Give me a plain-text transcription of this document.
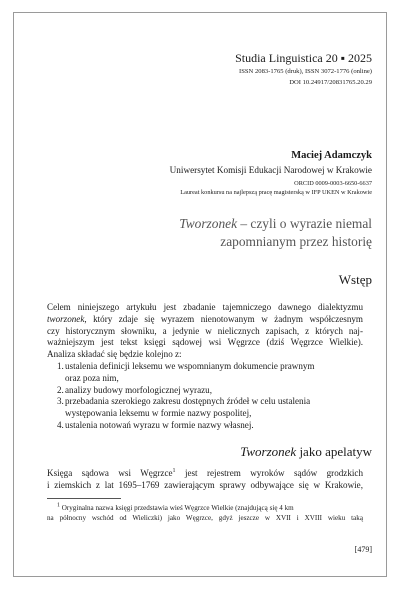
Studia Linguistica 20 ▪ 2025
ISSN 2083-1765 (druk), ISSN 3072-1776 (online)
DOI 10.24917/20831765.20.29
Maciej Adamczyk
Uniwersytet Komisji Edukacji Narodowej w Krakowie
ORCID 0009-0003-6650-6637
Laureat konkursu na najlepszą pracę magisterską w IFP UKEN w Krakowie
Tworzonek – czyli o wyrazie niemal
zapomnianym przez historię
Wstęp
Celem niniejszego artykułu jest zbadanie tajemniczego dawnego dialektyzmu
tworzonek, który zdaje się wyrazem nienotowanym w żadnym współczesnym
czy historycznym słowniku, a jedynie w nielicznych zapisach, z których naj-
ważniejszym jest tekst księgi sądowej wsi Węgrzce (dziś Węgrzce Wielkie).
Analiza składać się będzie kolejno z:
1. ustalenia definicji leksemu we wspomnianym dokumencie prawnym
oraz poza nim,
2. analizy budowy morfologicznej wyrazu,
3. przebadania szerokiego zakresu dostępnych źródeł w celu ustalenia
występowania leksemu w formie nazwy pospolitej,
4. ustalenia notowań wyrazu w formie nazwy własnej.
Tworzonek jako apelatyw
Księga sądowa wsi Węgrzce$^1$ jest rejestrem wyroków sądów grodzkich
i ziemskich z lat 1695–1769 zawierającym sprawy odbywające się w Krakowie,
$^1$ Oryginalna nazwa księgi przedstawia wieś Węgrzce Wielkie (znajdującą się 4 km
na północny wschód od Wieliczki) jako Węgrzce, gdyż jeszcze w XVII i XVIII wieku taką
[479]
